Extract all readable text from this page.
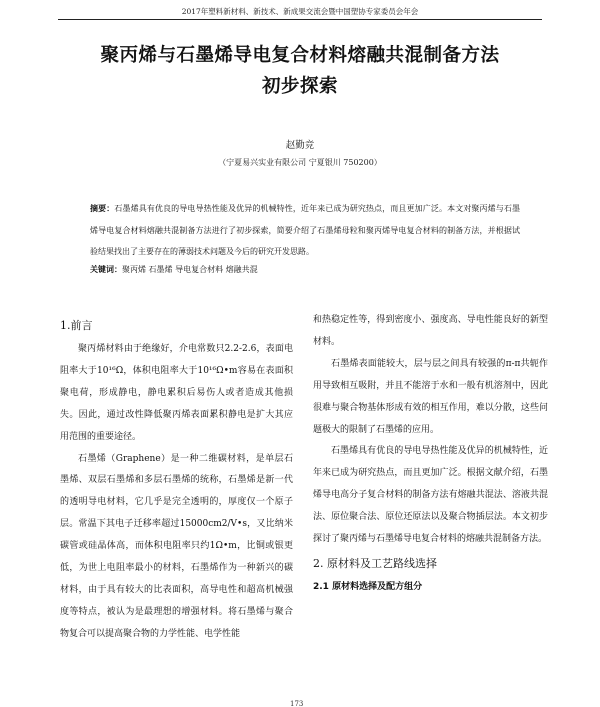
2017年塑料新材料、新技术、新成果交流会暨中国塑协专家委员会年会
聚丙烯与石墨烯导电复合材料熔融共混制备方法
初步探索
赵勤竞
（宁夏易兴实业有限公司 宁夏银川 750200）
摘要：石墨烯具有优良的导电导热性能及优异的机械特性，近年来已成为研究热点，而且更加广泛。本文对聚丙烯与石墨烯导电复合材料熔融共混制备方法进行了初步探索，简要介绍了石墨烯母粒和聚丙烯导电复合材料的制备方法，并根据试验结果找出了主要存在的薄弱技术问题及今后的研究开发思路。
关键词：聚丙烯 石墨烯 导电复合材料 熔融共混
1.前言

聚丙烯材料由于绝缘好，介电常数只2.2-2.6，表面电阻率大于10¹⁶Ω，体积电阻率大于10¹⁶Ω•m容易在表面积聚电荷，形成静电，静电累积后易伤人或者造成其他损失。因此，通过改性降低聚丙烯表面累积静电是扩大其应用范围的重要途径。

石墨烯（Graphene）是一种二维碳材料，是单层石墨烯、双层石墨烯和多层石墨烯的统称，石墨烯是新一代的透明导电材料，它几乎是完全透明的，厚度仅一个原子层。常温下其电子迁移率超过15000cm2/V•s，又比纳米碳管或硅晶体高，而体积电阻率只约1Ω•m，比铜或银更低，为世上电阻率最小的材料，石墨烯作为一种新兴的碳材料，由于具有较大的比表面积，高导电性和超高机械强度等特点，被认为是最理想的增强材料。将石墨烯与聚合物复合可以提高聚合物的力学性能、电学性能

和热稳定性等，得到密度小、强度高、导电性能良好的新型材料。

石墨烯表面能较大，层与层之间具有较强的π-π共轭作用导致相互吸附，并且不能溶于水和一般有机溶剂中，因此很难与聚合物基体形成有效的相互作用，难以分散，这些问题极大的限制了石墨烯的应用。

石墨烯具有优良的导电导热性能及优异的机械特性，近年来已成为研究热点，而且更加广泛。根据文献介绍，石墨烯导电高分子复合材料的制备方法有熔融共混法、溶液共混法、原位聚合法、原位还原法以及聚合物插层法。本文初步探讨了聚丙烯与石墨烯导电复合材料的熔融共混制备方法。

2. 原材料及工艺路线选择
2.1 原材料选择及配方组分
173
